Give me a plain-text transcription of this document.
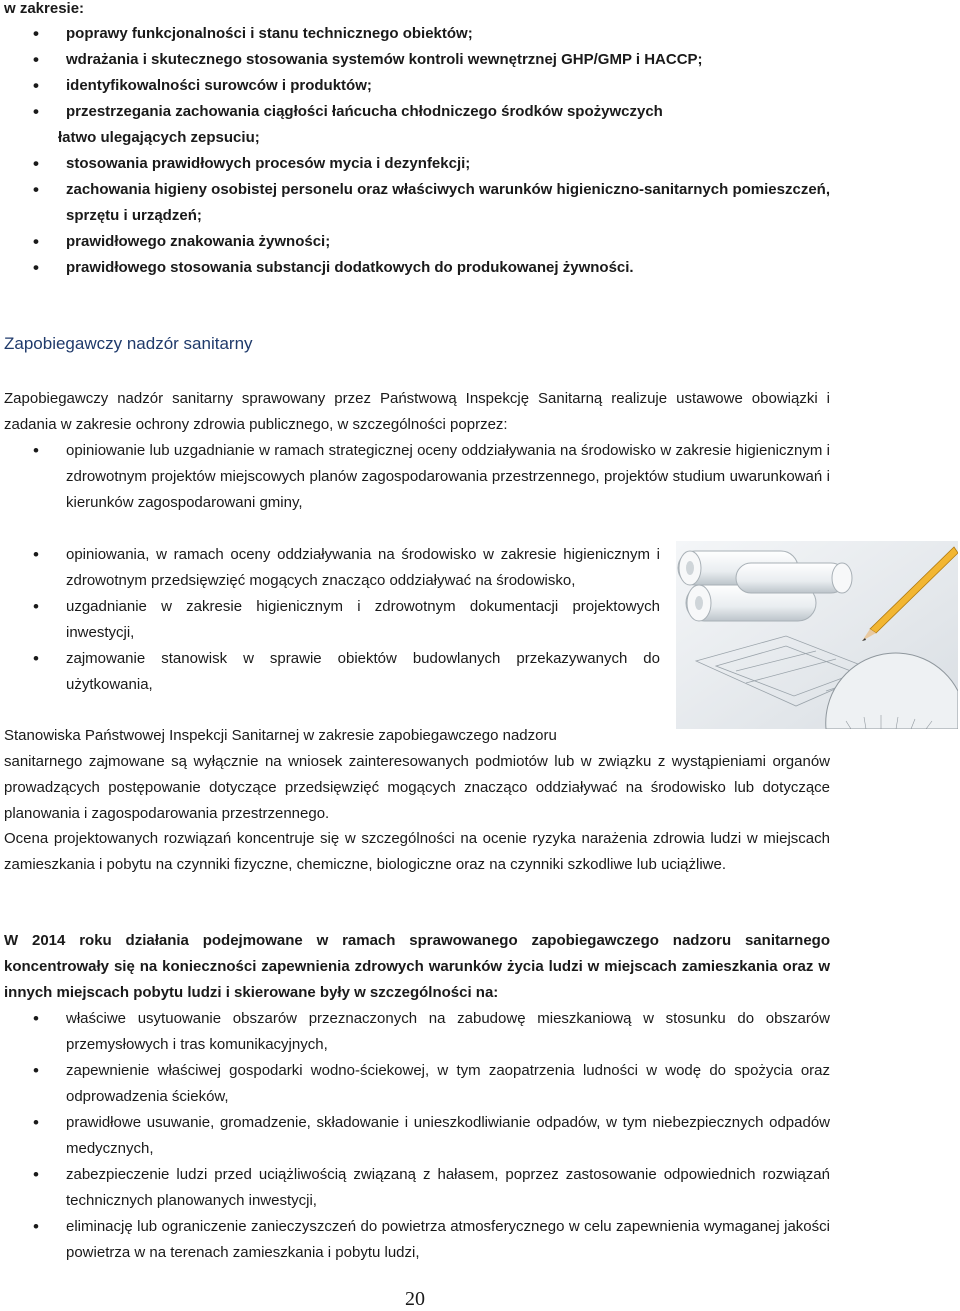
w zakresie:
• poprawy funkcjonalności i stanu technicznego obiektów;
• wdrażania i skutecznego stosowania systemów kontroli wewnętrznej GHP/GMP i HACCP;
• identyfikowalności surowców i produktów;
• przestrzegania zachowania ciągłości łańcucha chłodniczego środków spożywczych
łatwo ulegających zepsuciu;
• stosowania prawidłowych procesów mycia i dezynfekcji;
• zachowania higieny osobistej personelu oraz właściwych warunków higieniczno-sanitarnych pomieszczeń, sprzętu i urządzeń;
• prawidłowego znakowania żywności;
• prawidłowego stosowania substancji dodatkowych do produkowanej żywności.
Zapobiegawczy nadzór sanitarny
Zapobiegawczy nadzór sanitarny sprawowany przez Państwową Inspekcję Sanitarną realizuje ustawowe obowiązki i zadania w zakresie ochrony zdrowia publicznego, w szczególności poprzez:
• opiniowanie lub uzgadnianie w ramach strategicznej oceny oddziaływania na środowisko w zakresie higienicznym i zdrowotnym projektów miejscowych planów zagospodarowania przestrzennego, projektów studium uwarunkowań i kierunków zagospodarowani gminy,
• opiniowania, w ramach oceny oddziaływania na środowisko w zakresie higienicznym i zdrowotnym przedsięwzięć mogących znacząco oddziaływać na środowisko,
• uzgadnianie w zakresie higienicznym i zdrowotnym dokumentacji projektowych inwestycji,
• zajmowanie stanowisk w sprawie obiektów budowlanych przekazywanych do użytkowania,
Stanowiska Państwowej Inspekcji Sanitarnej w zakresie zapobiegawczego nadzoru
sanitarnego zajmowane są wyłącznie na wniosek zainteresowanych podmiotów lub w związku z wystąpieniami organów prowadzących postępowanie dotyczące przedsięwzięć mogących znacząco oddziaływać na środowisko lub dotyczące planowania i zagospodarowania przestrzennego.
Ocena projektowanych rozwiązań koncentruje się w szczególności na ocenie ryzyka narażenia zdrowia ludzi w miejscach zamieszkania i pobytu na czynniki fizyczne, chemiczne, biologiczne oraz na czynniki szkodliwe lub uciążliwe.
W 2014 roku działania podejmowane w ramach sprawowanego zapobiegawczego nadzoru sanitarnego koncentrowały się na konieczności zapewnienia zdrowych warunków życia ludzi w miejscach zamieszkania oraz w innych miejscach pobytu ludzi i skierowane były w szczególności na:
• właściwe usytuowanie obszarów przeznaczonych na zabudowę mieszkaniową w stosunku do obszarów przemysłowych i tras komunikacyjnych,
• zapewnienie właściwej gospodarki wodno-ściekowej, w tym zaopatrzenia ludności w wodę do spożycia oraz odprowadzenia ścieków,
• prawidłowe usuwanie, gromadzenie, składowanie i unieszkodliwianie odpadów, w tym niebezpiecznych odpadów medycznych,
• zabezpieczenie ludzi przed uciążliwością związaną z hałasem, poprzez zastosowanie odpowiednich rozwiązań technicznych planowanych inwestycji,
• eliminację lub ograniczenie zanieczyszczeń do powietrza atmosferycznego w celu zapewnienia wymaganej jakości powietrza w na terenach zamieszkania i pobytu ludzi,
20
